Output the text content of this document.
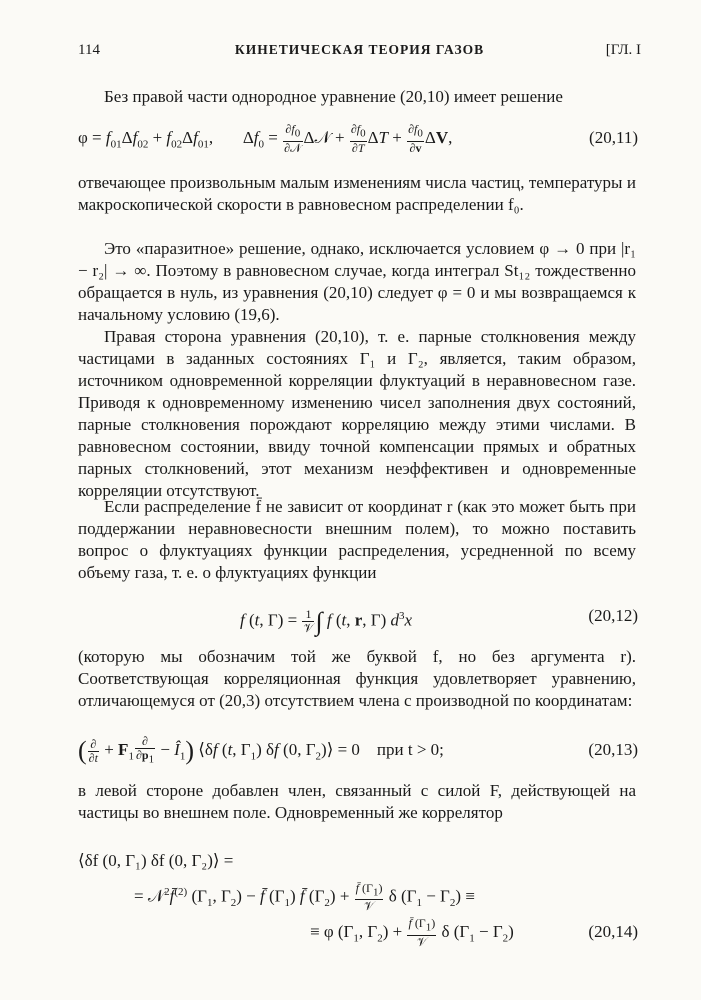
114	КИНЕТИЧЕСКАЯ ТЕОРИЯ ГАЗОВ	[ГЛ. I

Без правой части однородное уравнение (20,10) имеет решение

$\varphi = f_{01}\Delta f_{02} + f_{02}\Delta f_{01}$,       $\Delta f_0 = \frac{\partial f_0}{\text{∂𝒩}}$ Δ𝒩 + $\frac{\partial f_0}{\partial T}$ $\Delta T + \frac{\partial f_0}{\partial v} \Delta V$,	(20,11)

отвечающее произвольным малым изменениям числа частиц, температуры и макроскопической скорости в равновесном распределении f₀.

Это «паразитное» решение, однако, исключается условием φ → 0 при |r₁ − r₂| → ∞. Поэтому в равновесном случае, когда интеграл St₁₂ тождественно обращается в нуль, из уравнения (20,10) следует φ = 0 и мы возвращаемся к начальному условию (19,6).

Правая сторона уравнения (20,10), т. е. парные столкновения между частицами в заданных состояниях Γ₁ и Γ₂, является, таким образом, источником одновременной корреляции флуктуаций в неравновесном газе. Приводя к одновременному изменению чисел заполнения двух состояний, парные столкновения порождают корреляцию между этими числами. В равновесном состоянии, ввиду точной компенсации прямых и обратных парных столкновений, этот механизм неэффективен и одновременные корреляции отсутствуют.

Если распределение f̄ не зависит от координат r (как это может быть при поддержании неравновесности внешним полем), то можно поставить вопрос о флуктуациях функции распределения, усредненной по всему объему газа, т. е. о флуктуациях функции

f (t, $\Gamma) = \frac{1}{\text{𝒱}}$ ∫ f (t, r, Γ) $d^3x$	(20,12)

(которую мы обозначим той же буквой f, но без аргумента r). Соответствующая корреляционная функция удовлетворяет уравнению, отличающемуся от (20,3) отсутствием члена с производной по координатам:

( $\frac{\partial}{\partial t} + F_1 \frac{\partial}{\partial p_1}$ − $Î_1$) ⟨δf (t, $\Gamma_1$) δf (0, $\Gamma_2)⟩ = 0$    при t > 0;	(20,13)

в левой стороне добавлен член, связанный с силой F, действующей на частицы во внешнем поле. Одновременный же коррелятор

⟨δf (0, Γ₁) δf (0, Γ₂)⟩ =
= 𝒩$^2$f̄$^{(2)}$ ($\Gamma_1$, $\Gamma_2$) − f̄ $(\Gamma_1)$ f̄ $(\Gamma_2) + \frac{f̄ (\Gamma_1)}{\text{𝒱}}$ δ $(\Gamma_1 - \Gamma_2)$ ≡
≡ φ ($\Gamma_1$, $\Gamma_2) + \frac{f̄ (\Gamma_1)}{\text{𝒱}}$ δ $(\Gamma_1 - \Gamma_2)$	(20,14)
